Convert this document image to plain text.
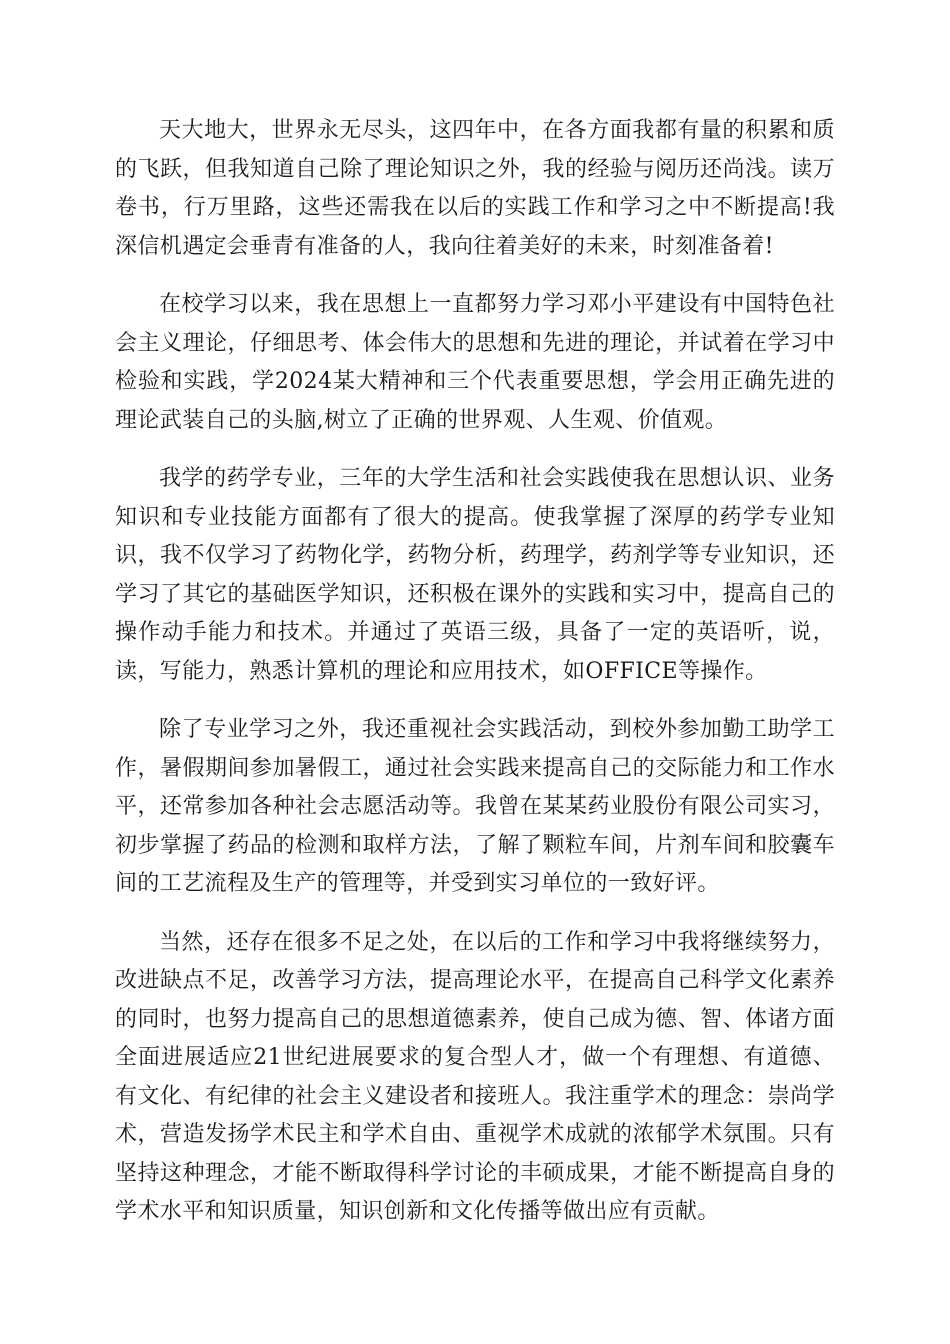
天大地大，世界永无尽头，这四年中，在各方面我都有量的积累和质的飞跃，但我知道自己除了理论知识之外，我的经验与阅历还尚浅。读万卷书，行万里路，这些还需我在以后的实践工作和学习之中不断提高!我深信机遇定会垂青有准备的人，我向往着美好的未来，时刻准备着!

在校学习以来，我在思想上一直都努力学习邓小平建设有中国特色社会主义理论，仔细思考、体会伟大的思想和先进的理论，并试着在学习中检验和实践，学2024某大精神和三个代表重要思想，学会用正确先进的理论武装自己的头脑,树立了正确的世界观、人生观、价值观。

我学的药学专业，三年的大学生活和社会实践使我在思想认识、业务知识和专业技能方面都有了很大的提高。使我掌握了深厚的药学专业知识，我不仅学习了药物化学，药物分析，药理学，药剂学等专业知识，还学习了其它的基础医学知识，还积极在课外的实践和实习中，提高自己的操作动手能力和技术。并通过了英语三级，具备了一定的英语听，说，读，写能力，熟悉计算机的理论和应用技术，如OFFICE等操作。

除了专业学习之外，我还重视社会实践活动，到校外参加勤工助学工作，暑假期间参加暑假工，通过社会实践来提高自己的交际能力和工作水平，还常参加各种社会志愿活动等。我曾在某某药业股份有限公司实习，初步掌握了药品的检测和取样方法，了解了颗粒车间，片剂车间和胶囊车间的工艺流程及生产的管理等，并受到实习单位的一致好评。

当然，还存在很多不足之处，在以后的工作和学习中我将继续努力，改进缺点不足，改善学习方法，提高理论水平，在提高自己科学文化素养的同时，也努力提高自己的思想道德素养，使自己成为德、智、体诸方面全面进展适应21世纪进展要求的复合型人才，做一个有理想、有道德、有文化、有纪律的社会主义建设者和接班人。我注重学术的理念：崇尚学术，营造发扬学术民主和学术自由、重视学术成就的浓郁学术氛围。只有坚持这种理念，才能不断取得科学讨论的丰硕成果，才能不断提高自身的学术水平和知识质量，知识创新和文化传播等做出应有贡献。
